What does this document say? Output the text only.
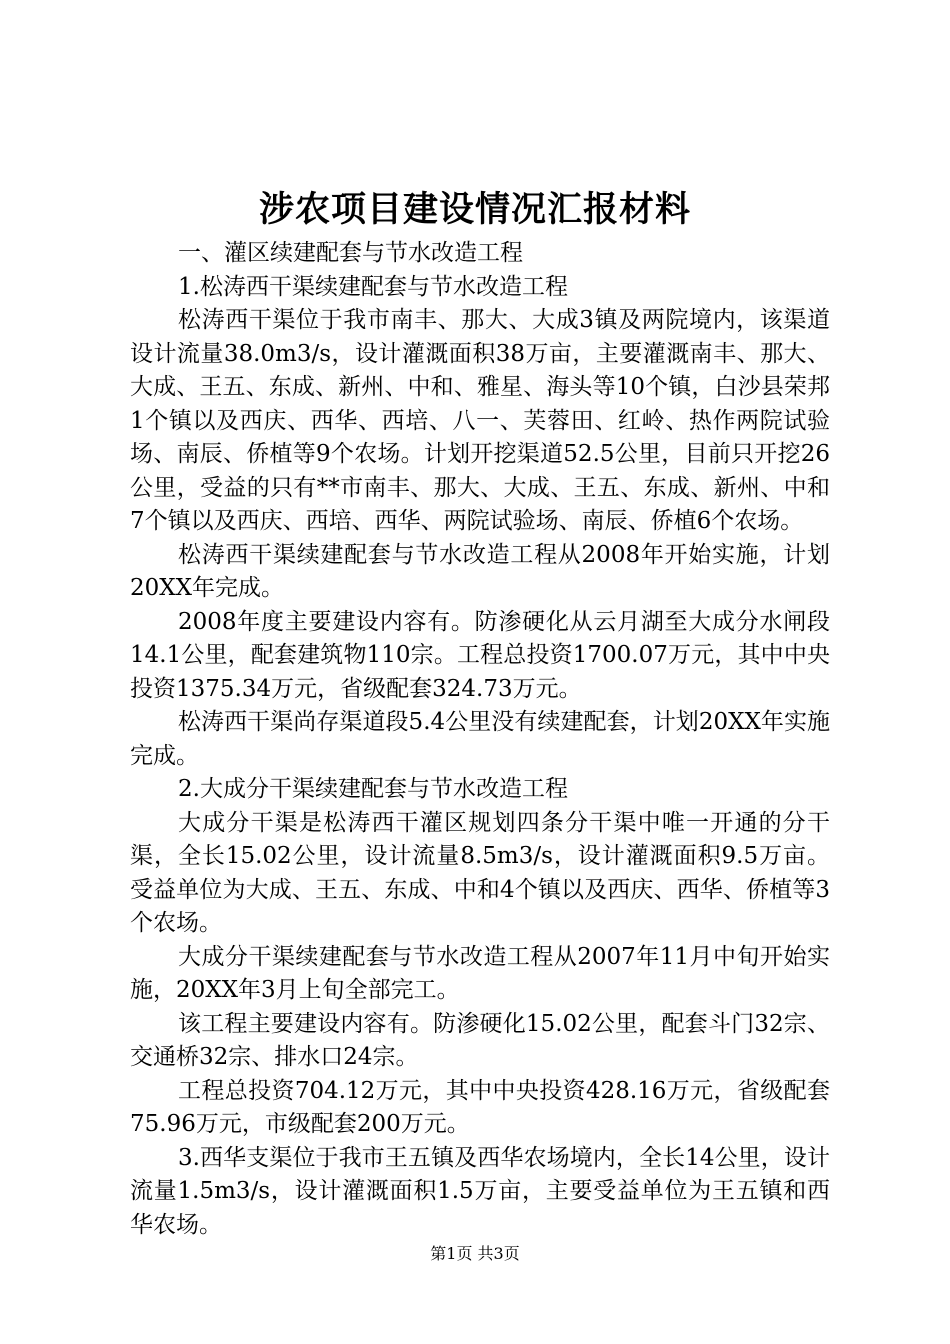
涉农项目建设情况汇报材料

一、灌区续建配套与节水改造工程

1.松涛西干渠续建配套与节水改造工程

松涛西干渠位于我市南丰、那大、大成3镇及两院境内，该渠道设计流量38.0m3/s，设计灌溉面积38万亩，主要灌溉南丰、那大、大成、王五、东成、新州、中和、雅星、海头等10个镇，白沙县荣邦1个镇以及西庆、西华、西培、八一、芙蓉田、红岭、热作两院试验场、南辰、侨植等9个农场。计划开挖渠道52.5公里，目前只开挖26公里，受益的只有**市南丰、那大、大成、王五、东成、新州、中和7个镇以及西庆、西培、西华、两院试验场、南辰、侨植6个农场。

松涛西干渠续建配套与节水改造工程从2008年开始实施，计划20XX年完成。

2008年度主要建设内容有。防渗硬化从云月湖至大成分水闸段14.1公里，配套建筑物110宗。工程总投资1700.07万元，其中中央投资1375.34万元，省级配套324.73万元。

松涛西干渠尚存渠道段5.4公里没有续建配套，计划20XX年实施完成。

2.大成分干渠续建配套与节水改造工程

大成分干渠是松涛西干灌区规划四条分干渠中唯一开通的分干渠，全长15.02公里，设计流量8.5m3/s，设计灌溉面积9.5万亩。受益单位为大成、王五、东成、中和4个镇以及西庆、西华、侨植等3个农场。

大成分干渠续建配套与节水改造工程从2007年11月中旬开始实施，20XX年3月上旬全部完工。

该工程主要建设内容有。防渗硬化15.02公里，配套斗门32宗、交通桥32宗、排水口24宗。

工程总投资704.12万元，其中中央投资428.16万元，省级配套75.96万元，市级配套200万元。

3.西华支渠位于我市王五镇及西华农场境内，全长14公里，设计流量1.5m3/s，设计灌溉面积1.5万亩，主要受益单位为王五镇和西华农场。

第1页 共3页
